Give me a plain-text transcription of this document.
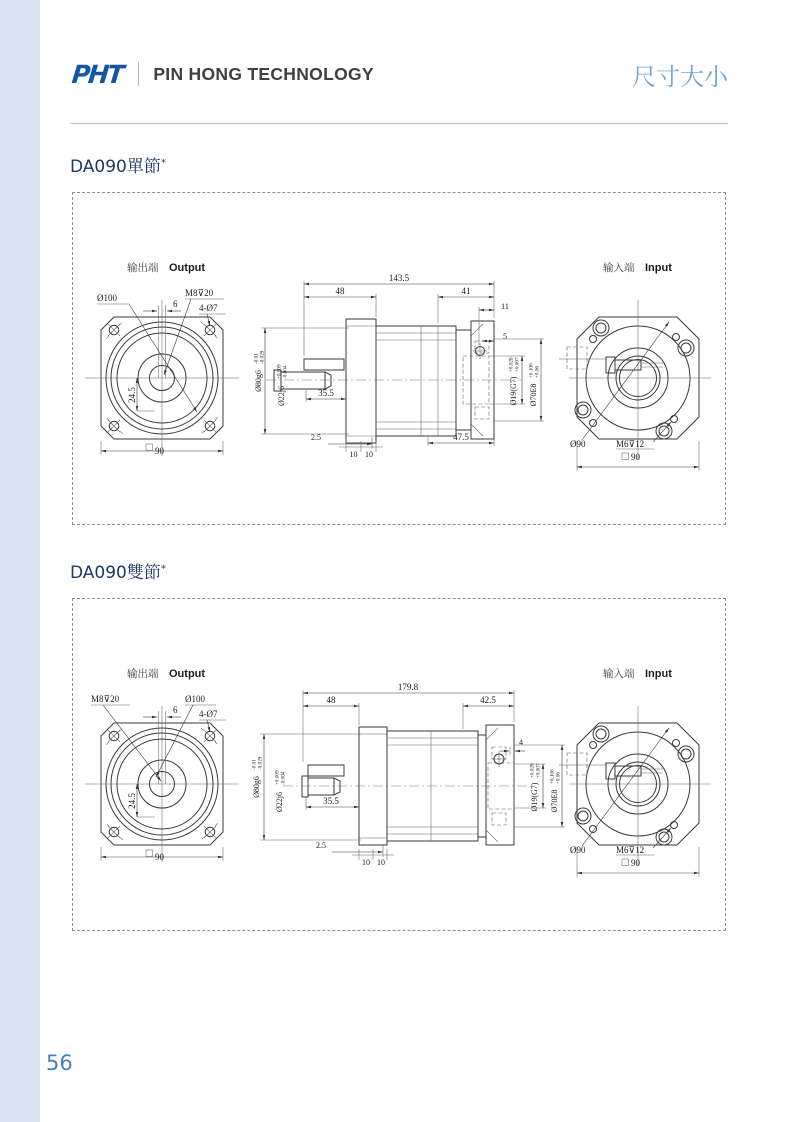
PHT PIN HONG TECHNOLOGY	尺寸大小
DA090單節*
输出端 Output
Ø100
6
M8⊽20
4-Ø7
24.5
90
143.5
48	41
11
5
35.5
2.5
10 10
47.5
Ø80g6
-0.01 -0.029
Ø22j6
+0.009 -0.004
Ø19(G7)
+0.028 +0.007
Ø70E8
+0.106 +0.06
输入端 Input
Ø90	M6⊽12
90
DA090雙節*
输出端 Output
M8⊽20
6
Ø100
4-Ø7
24.5
90
179.8
48	42.5
4
35.5
2.5
10 10
Ø80g6
-0.01 -0.029
Ø22j6
+0.009 -0.004
Ø19(G7)
+0.028 +0.007
Ø70E8
+0.106 +0.06
输入端 Input
Ø90	M6⊽12
90
56
